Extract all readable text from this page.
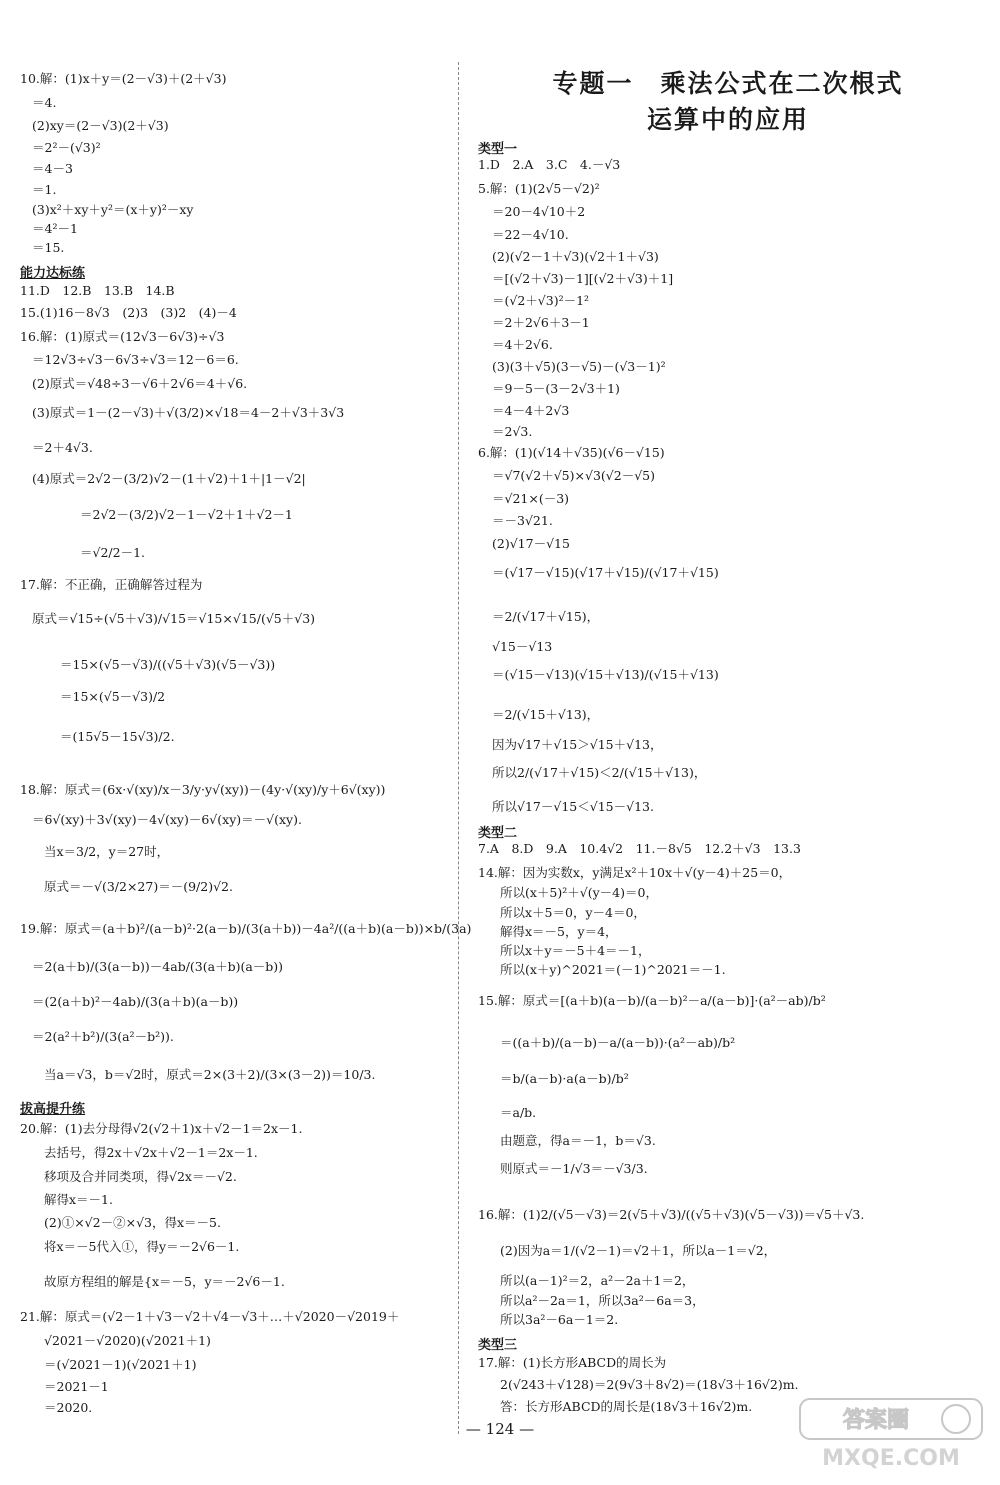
10.解：(1)x＋y＝(2－√3)＋(2＋√3)
＝4.
(2)xy＝(2－√3)(2＋√3)
＝2²－(√3)²
＝4－3
＝1.
(3)x²＋xy＋y²＝(x＋y)²－xy
＝4²－1
＝15.
能力达标练
11.D　12.B　13.B　14.B
15.(1)16－8√3　(2)3　(3)2　(4)－4
16.解：(1)原式＝(12√3－6√3)÷√3
＝12√3÷√3－6√3÷√3＝12－6＝6.
(2)原式＝√48÷3－√6＋2√6＝4＋√6.
(3)原式＝1－(2－√3)＋√(3/2)×√18＝4－2＋√3＋3√3
＝2＋4√3.
(4)原式＝2√2－(3/2)√2－(1＋√2)＋1＋|1－√2|
＝2√2－(3/2)√2－1－√2＋1＋√2－1
＝√2/2－1.
17.解：不正确，正确解答过程为
原式＝√15÷(√5＋√3)/√15＝√15×√15/(√5＋√3)
＝15×(√5－√3)/((√5＋√3)(√5－√3))
＝15×(√5－√3)/2
＝(15√5－15√3)/2.
18.解：原式＝(6x·√(xy)/x－3/y·y√(xy))－(4y·√(xy)/y＋6√(xy))
＝6√(xy)＋3√(xy)－4√(xy)－6√(xy)＝－√(xy).
当x＝3/2，y＝27时，
原式＝－√(3/2×27)＝－(9/2)√2.
19.解：原式＝(a＋b)²/(a－b)²·2(a－b)/(3(a＋b))－4a²/((a＋b)(a－b))×b/(3a)
＝2(a＋b)/(3(a－b))－4ab/(3(a＋b)(a－b))
＝(2(a＋b)²－4ab)/(3(a＋b)(a－b))
＝2(a²＋b²)/(3(a²－b²)).
当a＝√3，b＝√2时，原式＝2×(3＋2)/(3×(3－2))＝10/3.
拔高提升练
20.解：(1)去分母得√2(√2＋1)x＋√2－1＝2x－1.
去括号，得2x＋√2x＋√2－1＝2x－1.
移项及合并同类项，得√2x＝－√2.
解得x＝－1.
(2)①×√2－②×√3，得x＝－5.
将x＝－5代入①，得y＝－2√6－1.
故原方程组的解是{x＝－5，y＝－2√6－1.
21.解：原式＝(√2－1＋√3－√2＋√4－√3＋…＋√2020－√2019＋
√2021－√2020)(√2021＋1)
＝(√2021－1)(√2021＋1)
＝2021－1
＝2020.
专题一　乘法公式在二次根式
运算中的应用
类型一
1.D　2.A　3.C　4.－√3
5.解：(1)(2√5－√2)²
＝20－4√10＋2
＝22－4√10.
(2)(√2－1＋√3)(√2＋1＋√3)
＝[(√2＋√3)－1][(√2＋√3)＋1]
＝(√2＋√3)²－1²
＝2＋2√6＋3－1
＝4＋2√6.
(3)(3＋√5)(3－√5)－(√3－1)²
＝9－5－(3－2√3＋1)
＝4－4＋2√3
＝2√3.
6.解：(1)(√14＋√35)(√6－√15)
＝√7(√2＋√5)×√3(√2－√5)
＝√21×(－3)
＝－3√21.
(2)√17－√15
＝(√17－√15)(√17＋√15)/(√17＋√15)
＝2/(√17＋√15)，
√15－√13
＝(√15－√13)(√15＋√13)/(√15＋√13)
＝2/(√15＋√13)，
因为√17＋√15＞√15＋√13，
所以2/(√17＋√15)＜2/(√15＋√13)，
所以√17－√15＜√15－√13.
类型二
7.A　8.D　9.A　10.4√2　11.－8√5　12.2＋√3　13.3
14.解：因为实数x，y满足x²＋10x＋√(y－4)＋25＝0，
所以(x＋5)²＋√(y－4)＝0，
所以x＋5＝0，y－4＝0，
解得x＝－5，y＝4，
所以x＋y＝－5＋4＝－1，
所以(x＋y)^2021＝(－1)^2021＝－1.
15.解：原式＝[(a＋b)(a－b)/(a－b)²－a/(a－b)]·(a²－ab)/b²
＝((a＋b)/(a－b)－a/(a－b))·(a²－ab)/b²
＝b/(a－b)·a(a－b)/b²
＝a/b.
由题意，得a＝－1，b＝√3.
则原式＝－1/√3＝－√3/3.
16.解：(1)2/(√5－√3)＝2(√5＋√3)/((√5＋√3)(√5－√3))＝√5＋√3.
(2)因为a＝1/(√2－1)＝√2＋1，所以a－1＝√2，
所以(a－1)²＝2，a²－2a＋1＝2，
所以a²－2a＝1，所以3a²－6a＝3，
所以3a²－6a－1＝2.
类型三
17.解：(1)长方形ABCD的周长为
2(√243＋√128)＝2(9√3＋8√2)＝(18√3＋16√2)m.
答：长方形ABCD的周长是(18√3＋16√2)m.
— 124 —	答案圈
MXQE.COM
